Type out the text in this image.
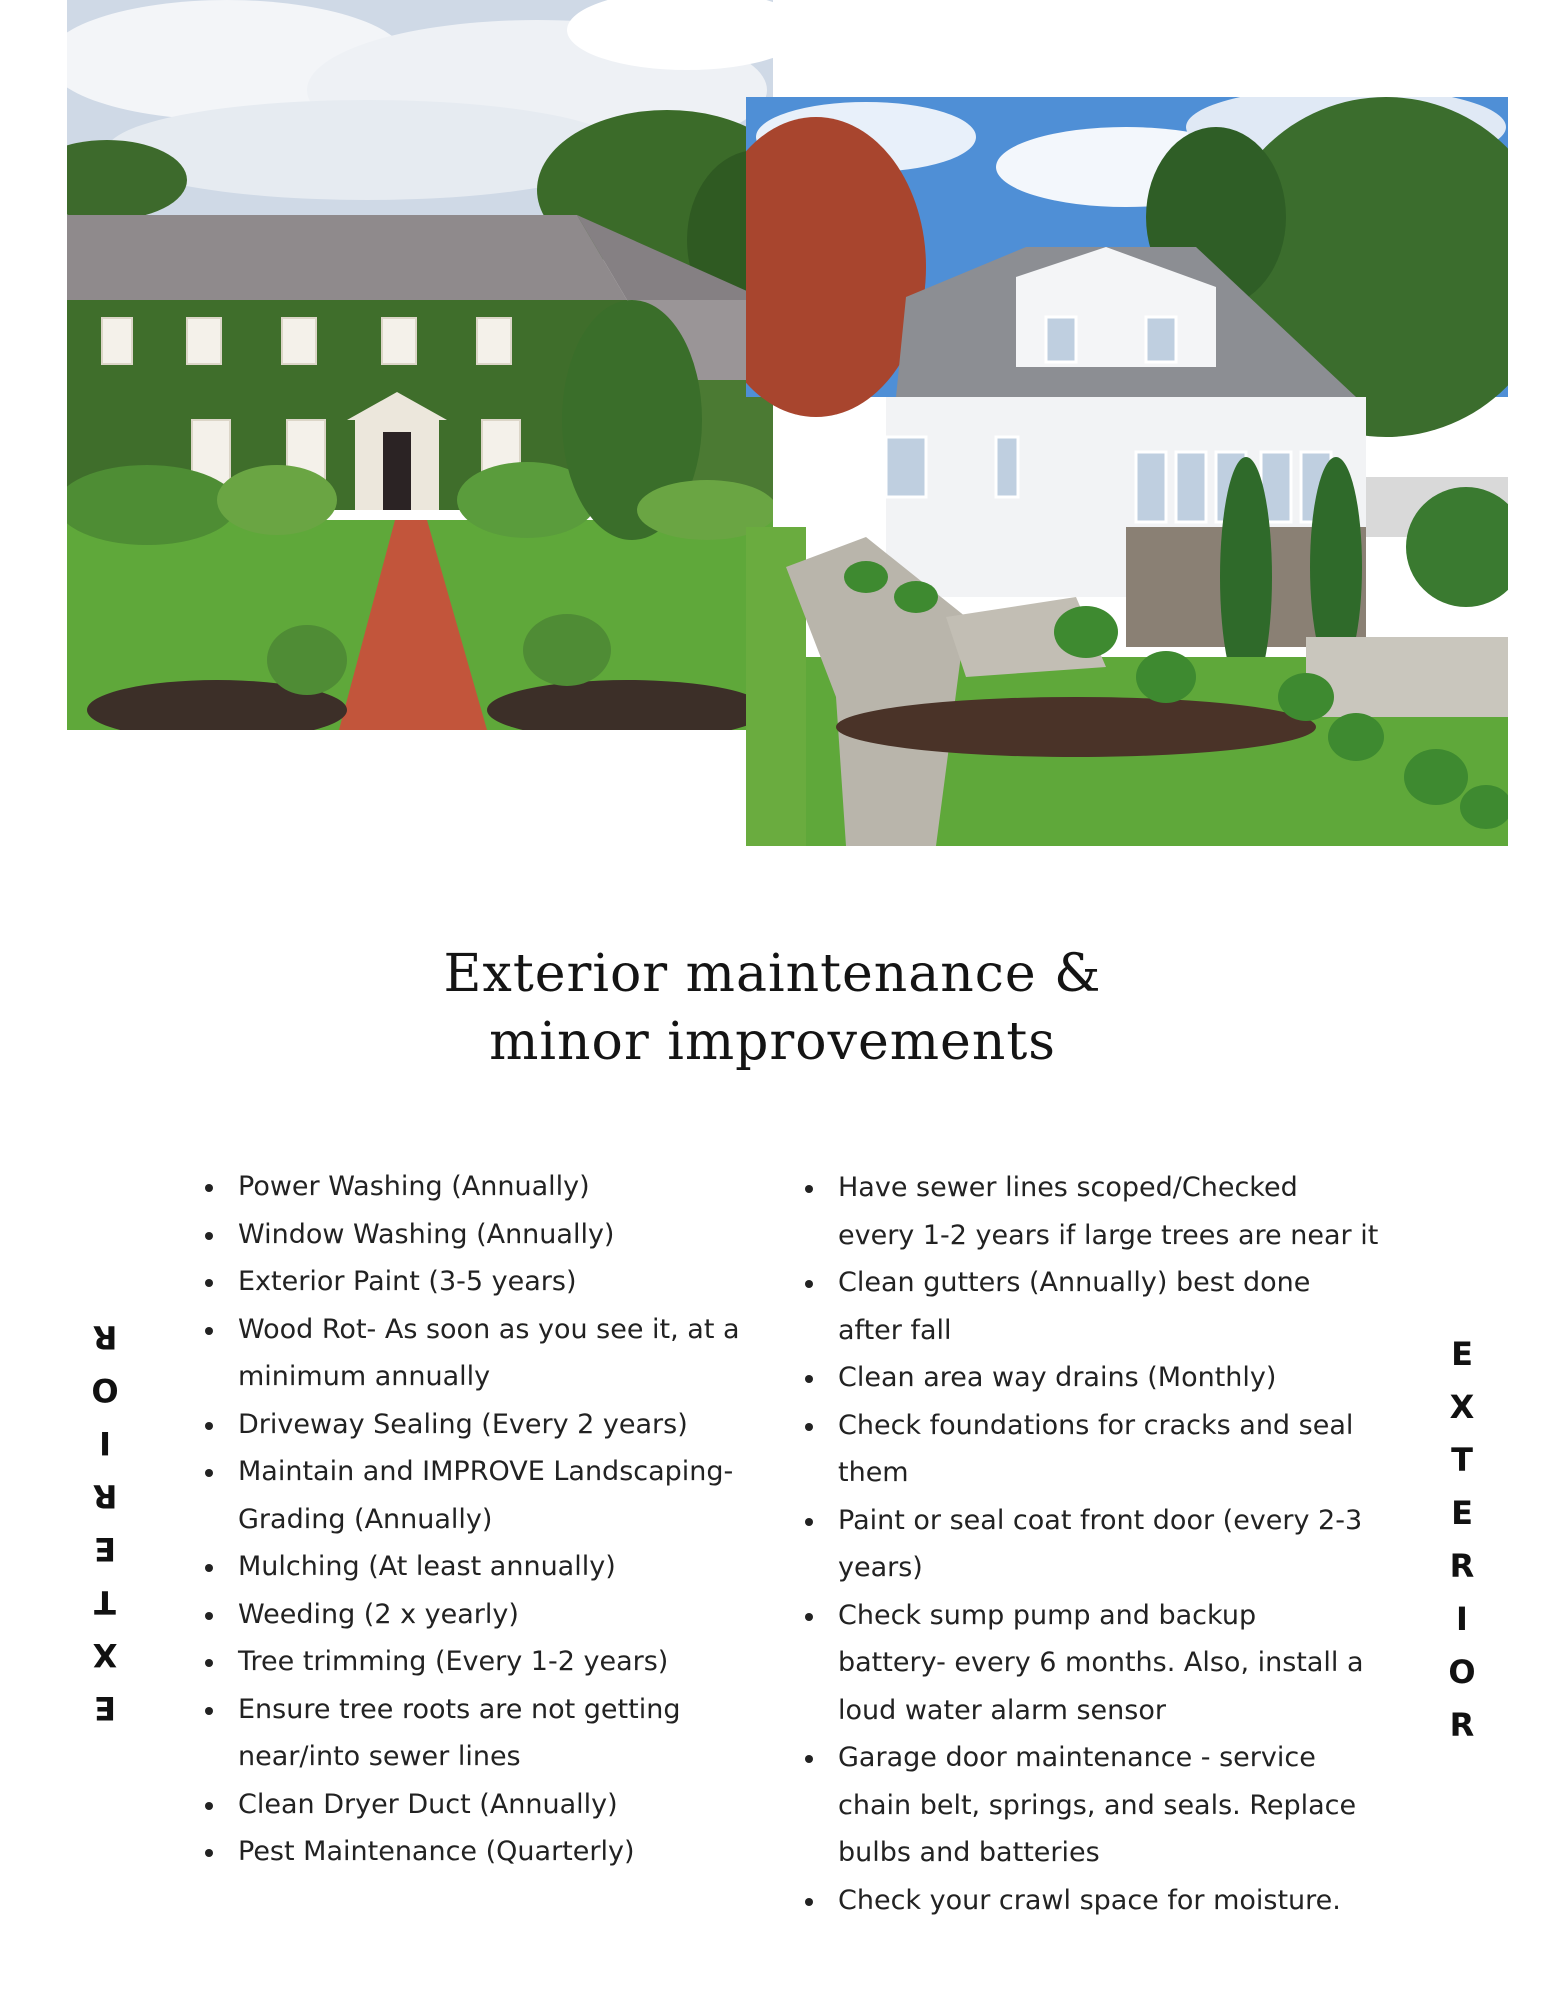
Exterior maintenance &
minor improvements
E
X
T
E
R
I
O
R	E
X
T
E
R
I
O
R
Power Washing (Annually)
Window Washing (Annually)
Exterior Paint (3-5 years)
Wood Rot- As soon as you see it, at a
minimum annually
Driveway Sealing (Every 2 years)
Maintain and IMPROVE Landscaping-
Grading (Annually)
Mulching (At least annually)
Weeding (2 x yearly)
Tree trimming (Every 1-2 years)
Ensure tree roots are not getting
near/into sewer lines
Clean Dryer Duct (Annually)
Pest Maintenance (Quarterly)
Have sewer lines scoped/Checked
every 1-2 years if large trees are near it
Clean gutters (Annually) best done
after fall
Clean area way drains (Monthly)
Check foundations for cracks and seal
them
Paint or seal coat front door (every 2-3
years)
Check sump pump and backup
battery- every 6 months. Also, install a
loud water alarm sensor
Garage door maintenance - service
chain belt, springs, and seals. Replace
bulbs and batteries
Check your crawl space for moisture.
